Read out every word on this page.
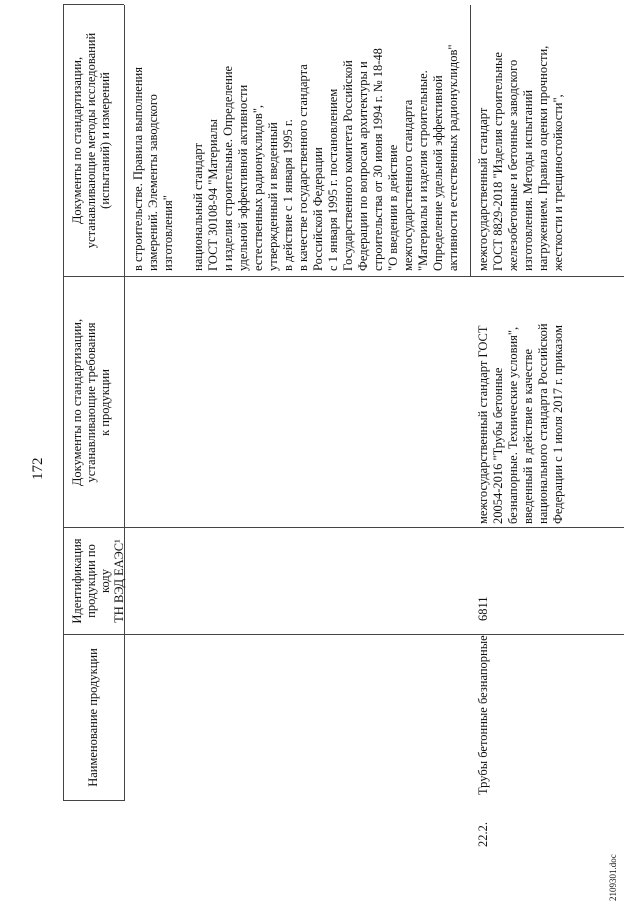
172
2109301.doc
Наименование продукции
Идентификация
продукции по коду
ТН ВЭД ЕАЭС¹
Документы по стандартизации,
устанавливающие требования
к продукции
Документы по стандартизации,
устанавливающие методы исследований
(испытаний) и измерений
в строительстве. Правила выполнения
измерений. Элементы заводского
изготовления"

национальный стандарт
ГОСТ 30108-94 "Материалы
и изделия строительные. Определение
удельной эффективной активности
естественных радионуклидов",
утвержденный и введенный
в действие с 1 января 1995 г.
в качестве государственного стандарта
Российской Федерации
с 1 января 1995 г. постановлением
Государственного комитета Российской
Федерации по вопросам архитектуры и
строительства от 30 июня 1994 г. № 18-48
"О введении в действие
межгосударственного стандарта
"Материалы и изделия строительные.
Определение удельной эффективной
активности естественных радионуклидов"
22.2.
Трубы бетонные безнапорные
6811
межгосударственный стандарт ГОСТ
20054-2016 "Трубы бетонные
безнапорные. Технические условия",
введенный в действие в качестве
национального стандарта Российской
Федерации с 1 июля 2017 г. приказом
межгосударственный стандарт
ГОСТ 8829-2018 "Изделия строительные
железобетонные и бетонные заводского
изготовления. Методы испытаний
нагружением. Правила оценки прочности,
жесткости и трещиностойкости",
